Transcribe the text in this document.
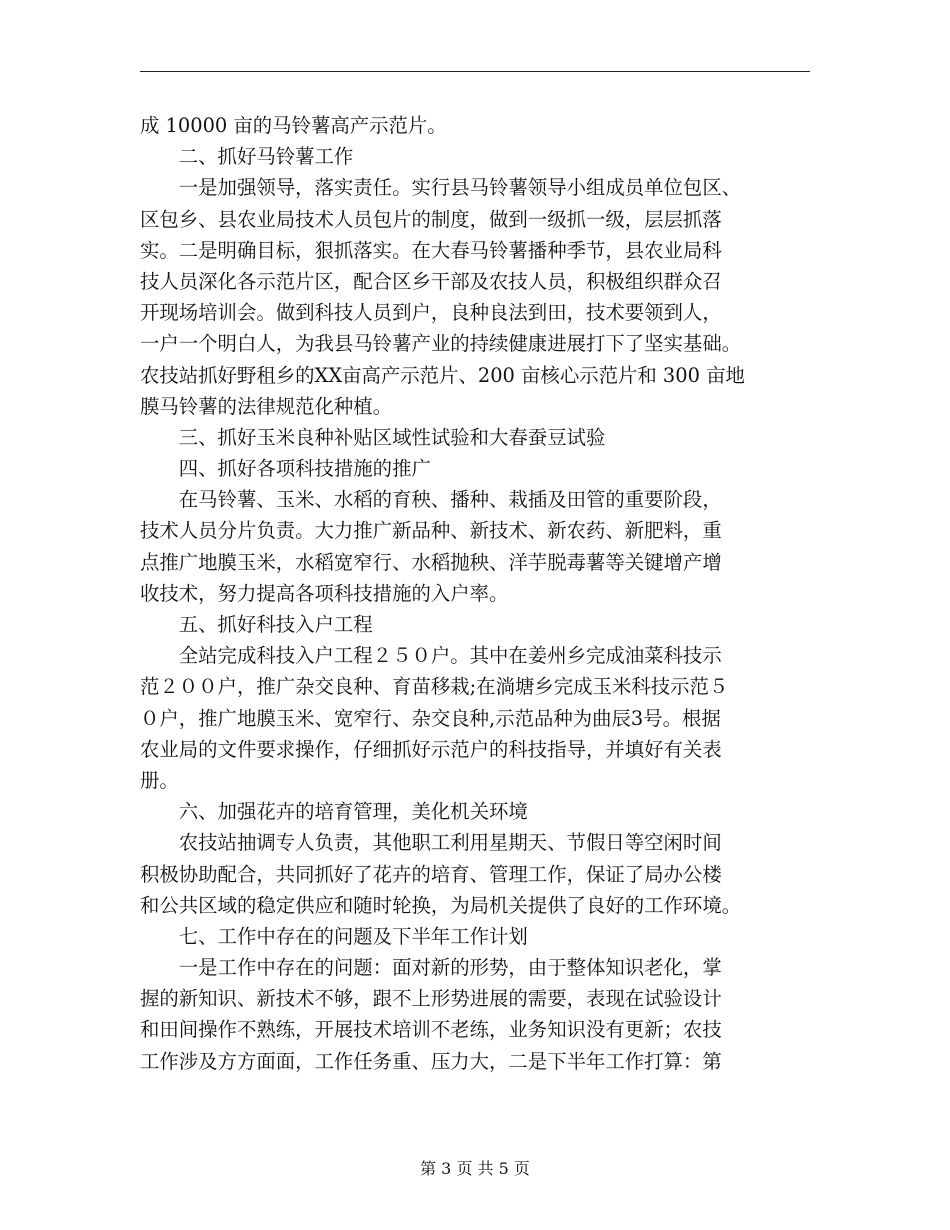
成 10000 亩的马铃薯高产示范片。
　　二、抓好马铃薯工作
　　一是加强领导，落实责任。实行县马铃薯领导小组成员单位包区、
区包乡、县农业局技术人员包片的制度，做到一级抓一级，层层抓落
实。二是明确目标，狠抓落实。在大春马铃薯播种季节，县农业局科
技人员深化各示范片区，配合区乡干部及农技人员，积极组织群众召
开现场培训会。做到科技人员到户，良种良法到田，技术要领到人，
一户一个明白人，为我县马铃薯产业的持续健康进展打下了坚实基础。
农技站抓好野租乡的XX亩高产示范片、200 亩核心示范片和 300 亩地
膜马铃薯的法律规范化种植。
　　三、抓好玉米良种补贴区域性试验和大春蚕豆试验
　　四、抓好各项科技措施的推广
　　在马铃薯、玉米、水稻的育秧、播种、栽插及田管的重要阶段，
技术人员分片负责。大力推广新品种、新技术、新农药、新肥料，重
点推广地膜玉米，水稻宽窄行、水稻抛秧、洋芋脱毒薯等关键增产增
收技术，努力提高各项科技措施的入户率。
　　五、抓好科技入户工程
　　全站完成科技入户工程２５０户。其中在姜州乡完成油菜科技示
范２００户，推广杂交良种、育苗移栽;在淌塘乡完成玉米科技示范５
０户，推广地膜玉米、宽窄行、杂交良种,示范品种为曲辰3号。根据
农业局的文件要求操作，仔细抓好示范户的科技指导，并填好有关表
册。
　　六、加强花卉的培育管理，美化机关环境
　　农技站抽调专人负责，其他职工利用星期天、节假日等空闲时间
积极协助配合，共同抓好了花卉的培育、管理工作，保证了局办公楼
和公共区域的稳定供应和随时轮换，为局机关提供了良好的工作环境。
　　七、工作中存在的问题及下半年工作计划
　　一是工作中存在的问题：面对新的形势，由于整体知识老化，掌
握的新知识、新技术不够，跟不上形势进展的需要，表现在试验设计
和田间操作不熟练，开展技术培训不老练，业务知识没有更新；农技
工作涉及方方面面，工作任务重、压力大，二是下半年工作打算：第
第 3 页 共 5 页
